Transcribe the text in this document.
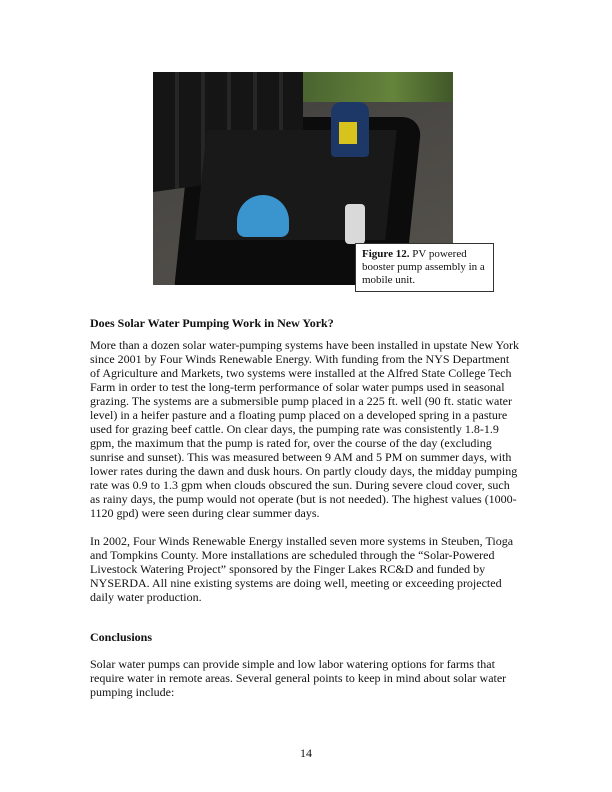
Figure 12. PV powered booster pump assembly in a mobile unit.
Does Solar Water Pumping Work in New York?
More than a dozen solar water-pumping systems have been installed in upstate New York
since 2001 by Four Winds Renewable Energy. With funding from the NYS Department
of Agriculture and Markets, two systems were installed at the Alfred State College Tech
Farm in order to test the long-term performance of solar water pumps used in seasonal
grazing. The systems are a submersible pump placed in a 225 ft. well (90 ft. static water
level) in a heifer pasture and a floating pump placed on a developed spring in a pasture
used for grazing beef cattle. On clear days, the pumping rate was consistently 1.8-1.9
gpm, the maximum that the pump is rated for, over the course of the day (excluding
sunrise and sunset). This was measured between 9 AM and 5 PM on summer days, with
lower rates during the dawn and dusk hours. On partly cloudy days, the midday pumping
rate was 0.9 to 1.3 gpm when clouds obscured the sun. During severe cloud cover, such
as rainy days, the pump would not operate (but is not needed). The highest values (1000-
1120 gpd) were seen during clear summer days.
In 2002, Four Winds Renewable Energy installed seven more systems in Steuben, Tioga
and Tompkins County. More installations are scheduled through the “Solar-Powered
Livestock Watering Project” sponsored by the Finger Lakes RC&D and funded by
NYSERDA. All nine existing systems are doing well, meeting or exceeding projected
daily water production.
Conclusions
Solar water pumps can provide simple and low labor watering options for farms that
require water in remote areas. Several general points to keep in mind about solar water
pumping include:
14
